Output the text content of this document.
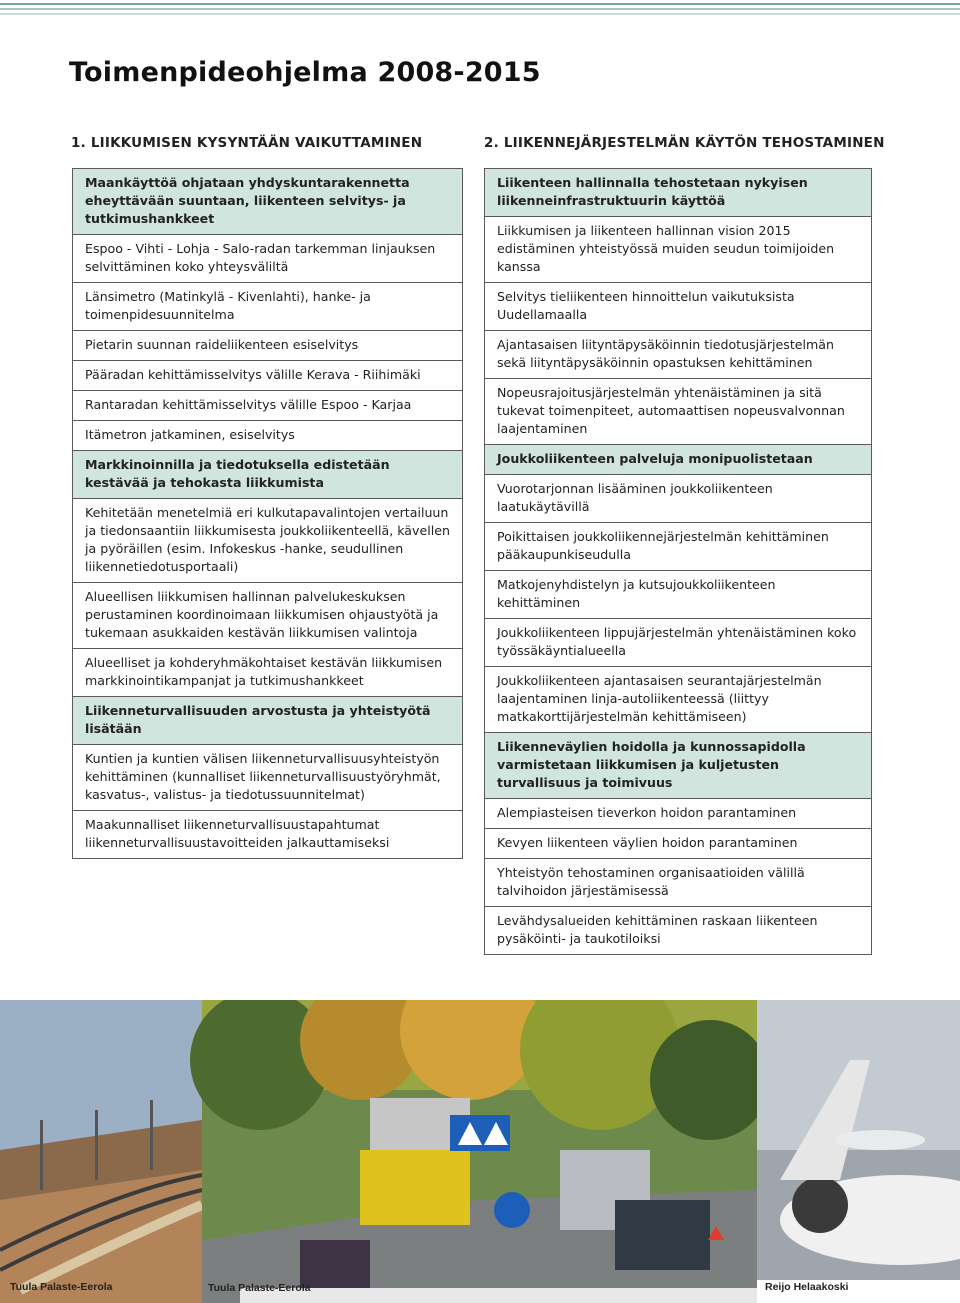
Toimenpideohjelma 2008-2015
1. LIIKKUMISEN KYSYNTÄÄN VAIKUTTAMINEN	2. LIIKENNEJÄRJESTELMÄN KÄYTÖN TEHOSTAMINEN
Maankäyttöä ohjataan yhdyskuntarakennetta eheyttävään suuntaan, liikenteen selvitys- ja tutkimushankkeet
Espoo - Vihti - Lohja - Salo-radan tarkemman linjauksen selvittäminen koko yhteysväliltä
Länsimetro (Matinkylä - Kivenlahti), hanke- ja toimenpidesuunnitelma
Pietarin suunnan raideliikenteen esiselvitys
Pääradan kehittämisselvitys välille Kerava - Riihimäki
Rantaradan kehittämisselvitys välille Espoo - Karjaa
Itämetron jatkaminen, esiselvitys
Markkinoinnilla ja tiedotuksella edistetään kestävää ja tehokasta liikkumista
Kehitetään menetelmiä eri kulkutapavalintojen vertailuun ja tiedonsaantiin liikkumisesta joukkoliikenteellä, kävellen ja pyöräillen (esim. Infokeskus -hanke, seudullinen liikennetiedotusportaali)
Alueellisen liikkumisen hallinnan palvelukeskuksen perustaminen koordinoimaan liikkumisen ohjaustyötä ja tukemaan asukkaiden kestävän liikkumisen valintoja
Alueelliset ja kohderyhmäkohtaiset kestävän liikkumisen markkinointikampanjat ja tutkimushankkeet
Liikenneturvallisuuden arvostusta ja yhteistyötä lisätään
Kuntien ja kuntien välisen liikenneturvallisuusyhteistyön kehittäminen (kunnalliset liikenneturvallisuustyöryhmät, kasvatus-, valistus- ja tiedotussuunnitelmat)
Maakunnalliset liikenneturvallisuustapahtumat liikenneturvallisuustavoitteiden jalkauttamiseksi
Liikenteen hallinnalla tehostetaan nykyisen liikenneinfrastruktuurin käyttöä
Liikkumisen ja liikenteen hallinnan vision 2015 edistäminen yhteistyössä muiden seudun toimijoiden kanssa
Selvitys tieliikenteen hinnoittelun vaikutuksista Uudellamaalla
Ajantasaisen liityntäpysäköinnin tiedotusjärjestelmän sekä liityntäpysäköinnin opastuksen kehittäminen
Nopeusrajoitusjärjestelmän yhtenäistäminen ja sitä tukevat toimenpiteet, automaattisen nopeusvalvonnan laajentaminen
Joukkoliikenteen palveluja monipuolistetaan
Vuorotarjonnan lisääminen joukkoliikenteen laatukäytävillä
Poikittaisen joukkoliikennejärjestelmän kehittäminen pääkaupunkiseudulla
Matkojenyhdistelyn ja kutsujoukkoliikenteen kehittäminen
Joukkoliikenteen lippujärjestelmän yhtenäistäminen koko työssäkäyntialueella
Joukkoliikenteen ajantasaisen seurantajärjestelmän laajentaminen linja-autoliikenteessä (liittyy matkakorttijärjestelmän kehittämiseen)
Liikenneväylien hoidolla ja kunnossapidolla varmistetaan liikkumisen ja kuljetusten turvallisuus ja toimivuus
Alempiasteisen tieverkon hoidon parantaminen
Kevyen liikenteen väylien hoidon parantaminen
Yhteistyön tehostaminen organisaatioiden välillä talvihoidon järjestämisessä
Levähdysalueiden kehittäminen raskaan liikenteen pysäköinti- ja taukotiloiksi
Tuula Palaste-Eerola	Tuula Palaste-Eerola	Reijo Helaakoski
